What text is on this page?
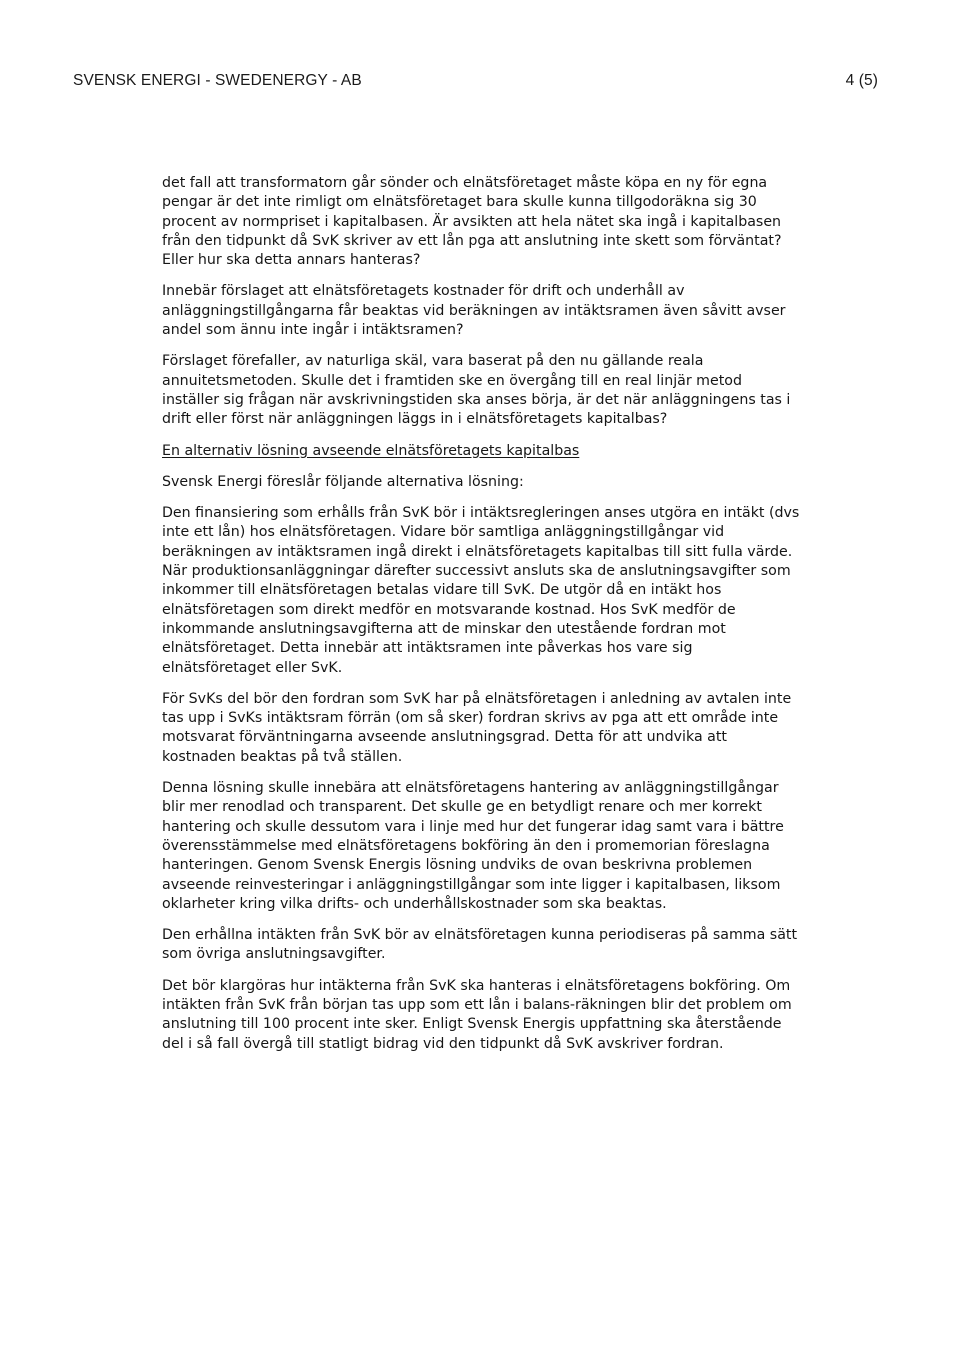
SVENSK ENERGI - SWEDENERGY - AB	4 (5)

det fall att transformatorn går sönder och elnätsföretaget måste köpa en ny för egna pengar är det inte rimligt om elnätsföretaget bara skulle kunna tillgodoräkna sig 30 procent av normpriset i kapitalbasen. Är avsikten att hela nätet ska ingå i kapitalbasen från den tidpunkt då SvK skriver av ett lån pga att anslutning inte skett som förväntat? Eller hur ska detta annars hanteras?

Innebär förslaget att elnätsföretagets kostnader för drift och underhåll av anläggningstillgångarna får beaktas vid beräkningen av intäktsramen även såvitt avser andel som ännu inte ingår i intäktsramen?

Förslaget förefaller, av naturliga skäl, vara baserat på den nu gällande reala annuitetsmetoden. Skulle det i framtiden ske en övergång till en real linjär metod inställer sig frågan när avskrivningstiden ska anses börja, är det när anläggningens tas i drift eller först när anläggningen läggs in i elnätsföretagets kapitalbas?

En alternativ lösning avseende elnätsföretagets kapitalbas

Svensk Energi föreslår följande alternativa lösning:

Den finansiering som erhålls från SvK bör i intäktsregleringen anses utgöra en intäkt (dvs inte ett lån) hos elnätsföretagen. Vidare bör samtliga anläggningstillgångar vid beräkningen av intäktsramen ingå direkt i elnätsföretagets kapitalbas till sitt fulla värde. När produktionsanläggningar därefter successivt ansluts ska de anslutningsavgifter som inkommer till elnätsföretagen betalas vidare till SvK. De utgör då en intäkt hos elnätsföretagen som direkt medför en motsvarande kostnad. Hos SvK medför de inkommande anslutningsavgifterna att de minskar den utestående fordran mot elnätsföretaget. Detta innebär att intäktsramen inte påverkas hos vare sig elnätsföretaget eller SvK.

För SvKs del bör den fordran som SvK har på elnätsföretagen i anledning av avtalen inte tas upp i SvKs intäktsram förrän (om så sker) fordran skrivs av pga att ett område inte motsvarat förväntningarna avseende anslutningsgrad. Detta för att undvika att kostnaden beaktas på två ställen.

Denna lösning skulle innebära att elnätsföretagens hantering av anläggningstillgångar blir mer renodlad och transparent. Det skulle ge en betydligt renare och mer korrekt hantering och skulle dessutom vara i linje med hur det fungerar idag samt vara i bättre överensstämmelse med elnätsföretagens bokföring än den i promemorian föreslagna hanteringen. Genom Svensk Energis lösning undviks de ovan beskrivna problemen avseende reinvesteringar i anläggningstillgångar som inte ligger i kapitalbasen, liksom oklarheter kring vilka drifts- och underhållskostnader som ska beaktas.

Den erhållna intäkten från SvK bör av elnätsföretagen kunna periodiseras på samma sätt som övriga anslutningsavgifter.

Det bör klargöras hur intäkterna från SvK ska hanteras i elnätsföretagens bokföring. Om intäkten från SvK från början tas upp som ett lån i balans-räkningen blir det problem om anslutning till 100 procent inte sker. Enligt Svensk Energis uppfattning ska återstående del i så fall övergå till statligt bidrag vid den tidpunkt då SvK avskriver fordran.
